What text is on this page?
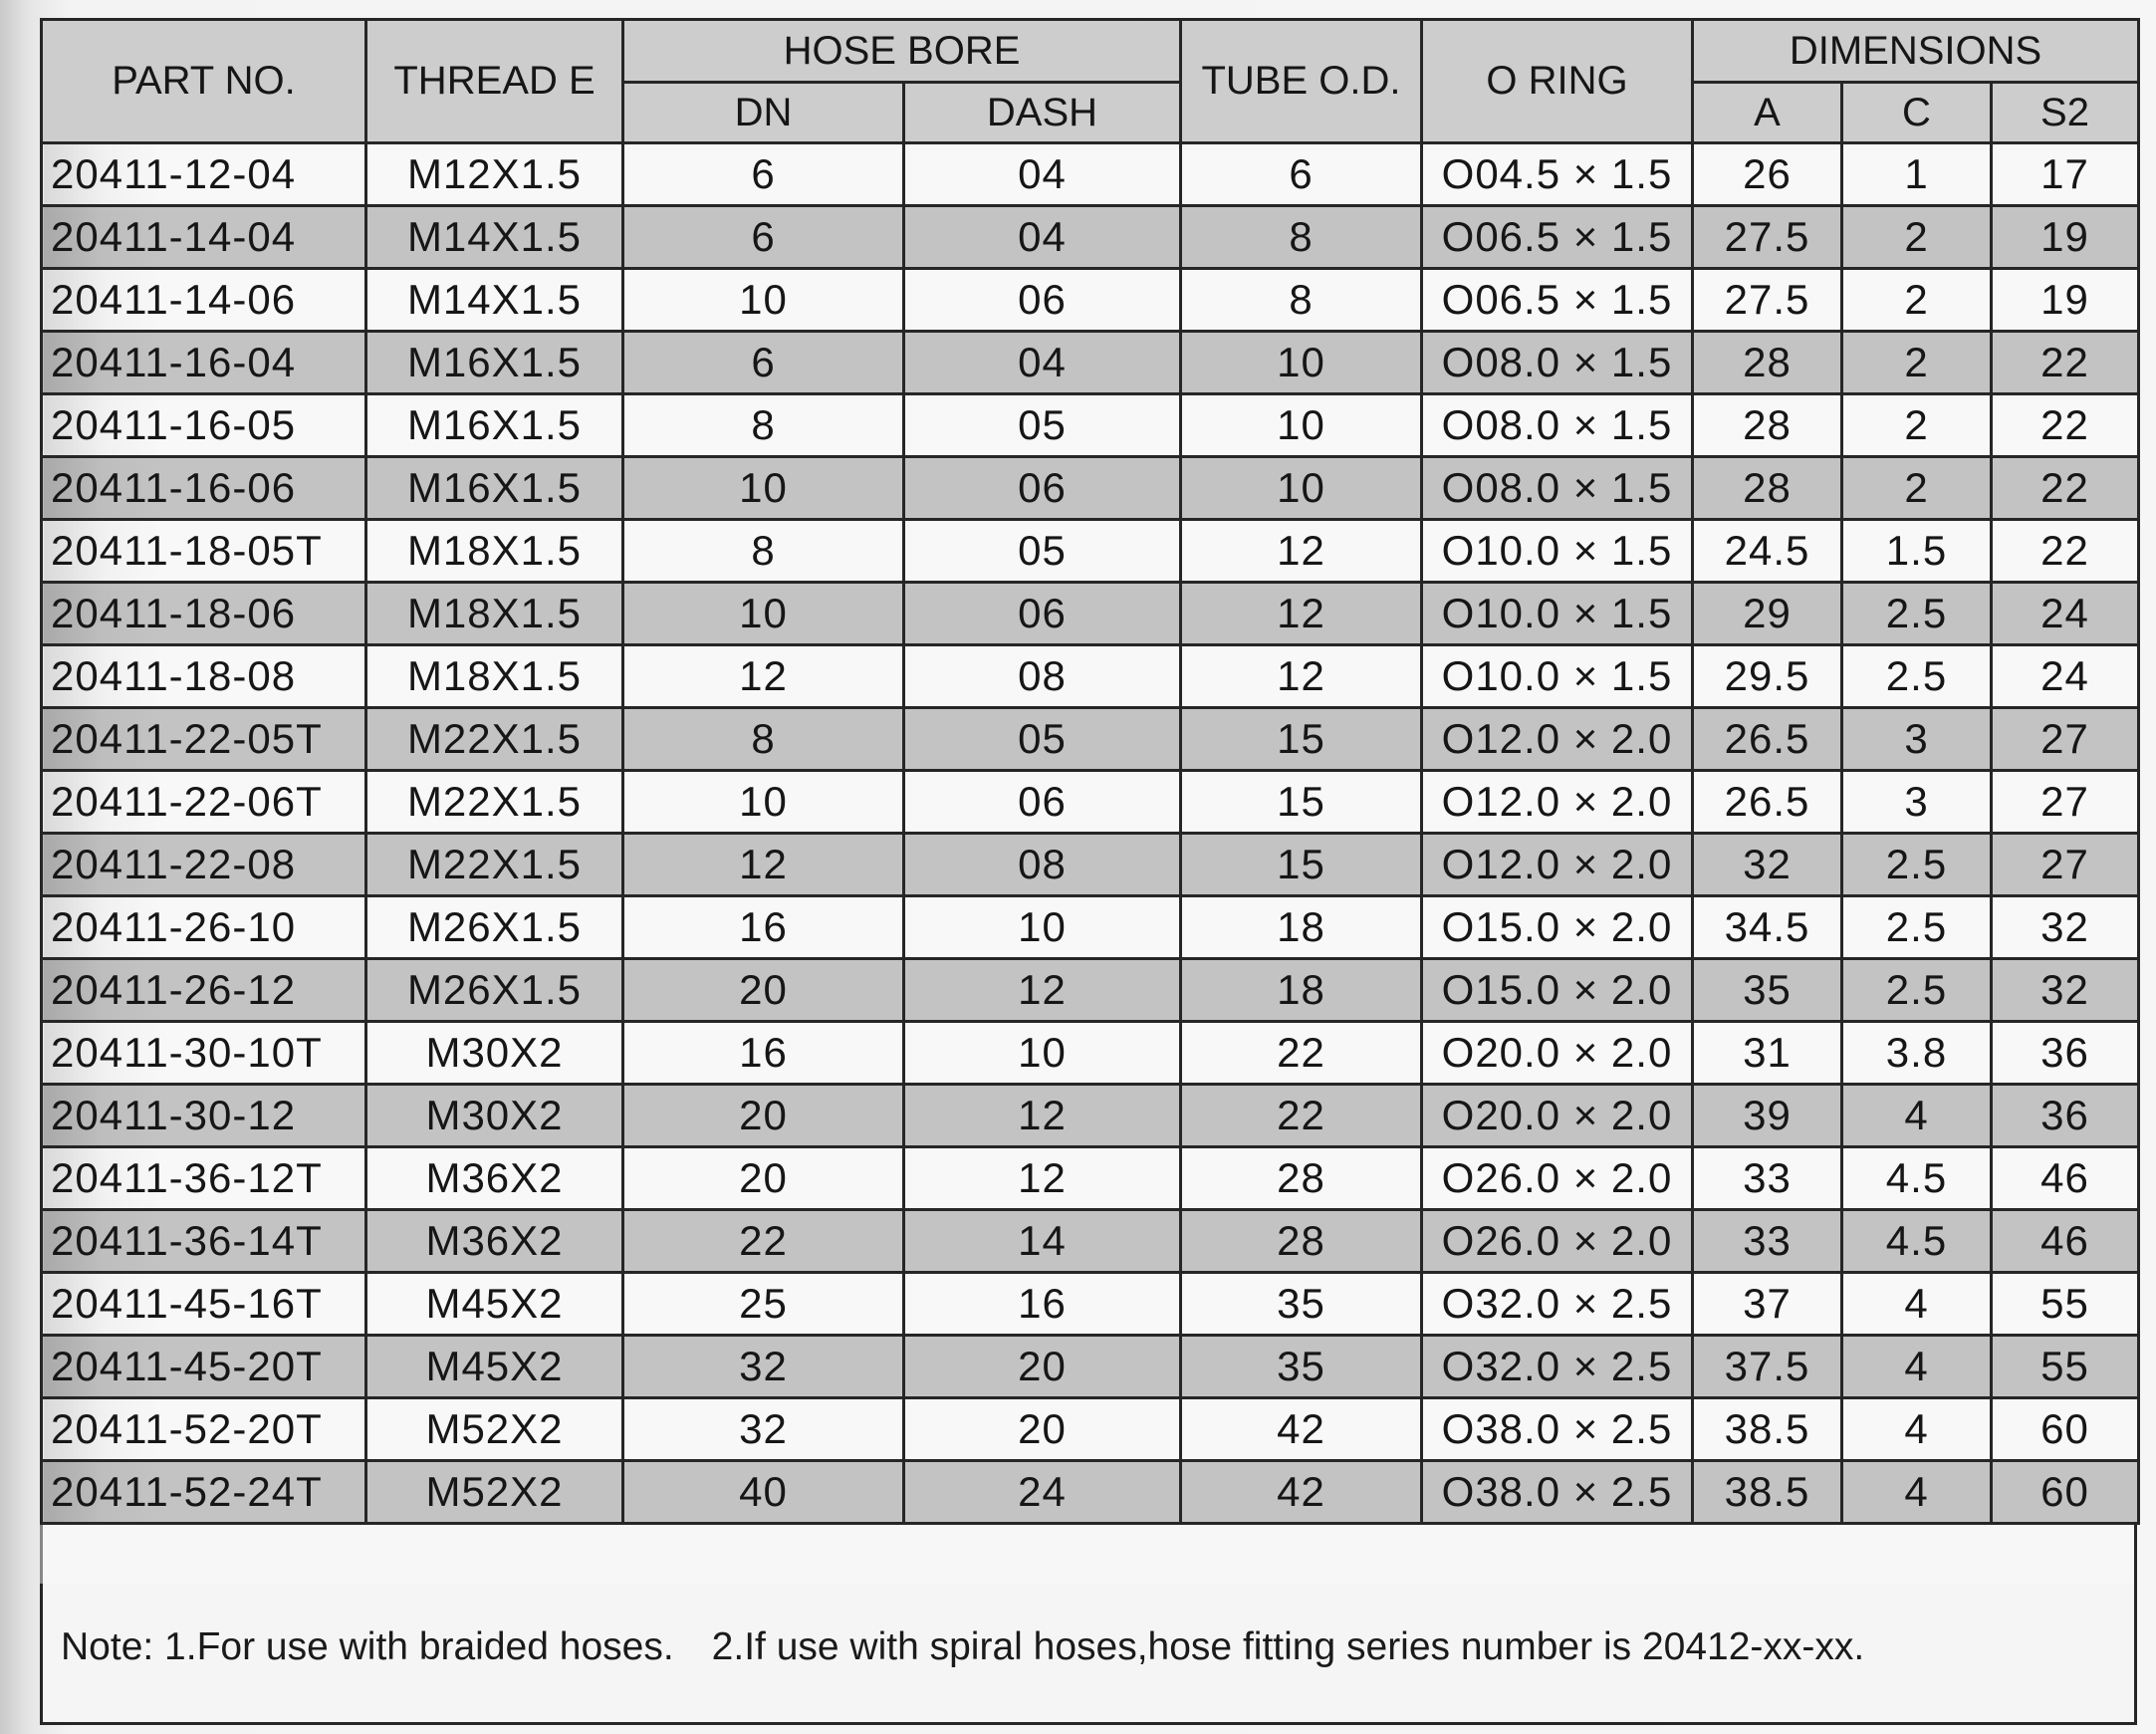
PART NO.	THREAD E	HOSE BORE		TUBE O.D.	O RING	DIMENSIONS		
		DN	DASH			A	C	S2
20411-12-04	M12X1.5	6	04	6	O04.5 × 1.5	26	1	17
20411-14-04	M14X1.5	6	04	8	O06.5 × 1.5	27.5	2	19
20411-14-06	M14X1.5	10	06	8	O06.5 × 1.5	27.5	2	19
20411-16-04	M16X1.5	6	04	10	O08.0 × 1.5	28	2	22
20411-16-05	M16X1.5	8	05	10	O08.0 × 1.5	28	2	22
20411-16-06	M16X1.5	10	06	10	O08.0 × 1.5	28	2	22
20411-18-05T	M18X1.5	8	05	12	O10.0 × 1.5	24.5	1.5	22
20411-18-06	M18X1.5	10	06	12	O10.0 × 1.5	29	2.5	24
20411-18-08	M18X1.5	12	08	12	O10.0 × 1.5	29.5	2.5	24
20411-22-05T	M22X1.5	8	05	15	O12.0 × 2.0	26.5	3	27
20411-22-06T	M22X1.5	10	06	15	O12.0 × 2.0	26.5	3	27
20411-22-08	M22X1.5	12	08	15	O12.0 × 2.0	32	2.5	27
20411-26-10	M26X1.5	16	10	18	O15.0 × 2.0	34.5	2.5	32
20411-26-12	M26X1.5	20	12	18	O15.0 × 2.0	35	2.5	32
20411-30-10T	M30X2	16	10	22	O20.0 × 2.0	31	3.8	36
20411-30-12	M30X2	20	12	22	O20.0 × 2.0	39	4	36
20411-36-12T	M36X2	20	12	28	O26.0 × 2.0	33	4.5	46
20411-36-14T	M36X2	22	14	28	O26.0 × 2.0	33	4.5	46
20411-45-16T	M45X2	25	16	35	O32.0 × 2.5	37	4	55
20411-45-20T	M45X2	32	20	35	O32.0 × 2.5	37.5	4	55
20411-52-20T	M52X2	32	20	42	O38.0 × 2.5	38.5	4	60
20411-52-24T	M52X2	40	24	42	O38.0 × 2.5	38.5	4	60
Note: 1.For use with braided hoses. 2.If use with spiral hoses,hose fitting series number is 20412-xx-xx.
